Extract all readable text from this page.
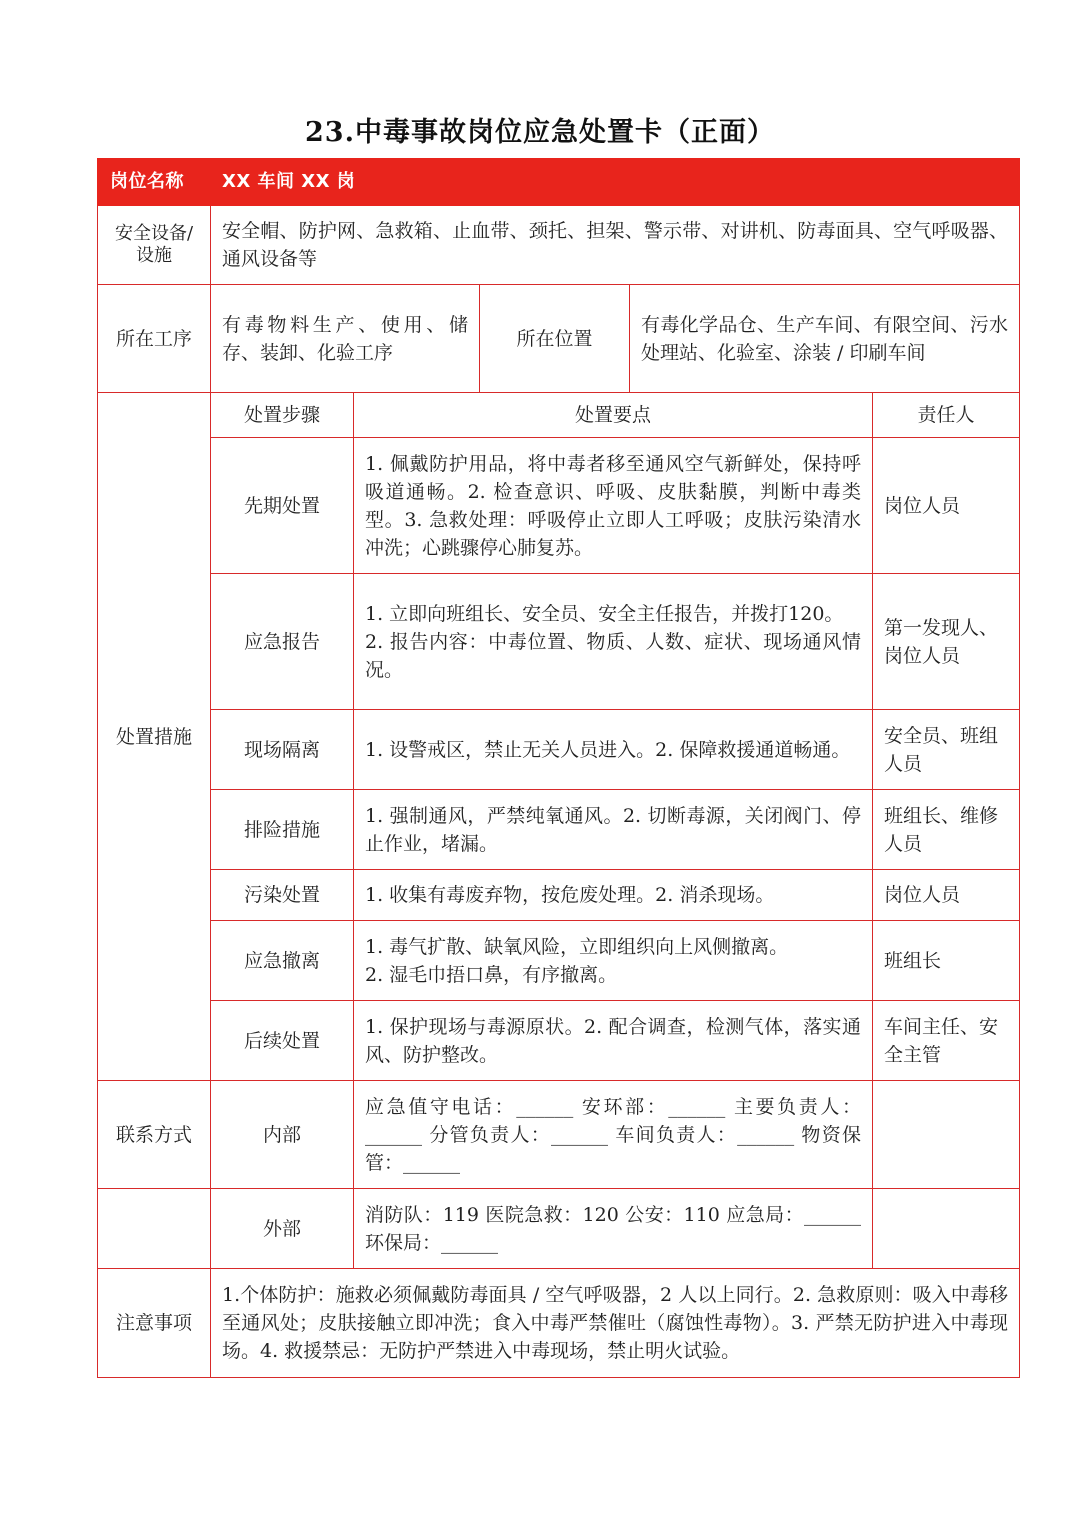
23.中毒事故岗位应急处置卡（正面）
岗位名称	XX 车间 XX 岗				
安全设备/设施	安全帽、防护网、急救箱、止血带、颈托、担架、警示带、对讲机、防毒面具、空气呼吸器、通风设备等				
所在工序	有毒物料生产、使用、储存、装卸、化验工序		所在位置	有毒化学品仓、生产车间、有限空间、污水处理站、化验室、涂装 / 印刷车间	
处置措施	处置步骤	处置要点			责任人
	先期处置	1. 佩戴防护用品，将中毒者移至通风空气新鲜处，保持呼吸道通畅。2. 检查意识、呼吸、皮肤黏膜，判断中毒类型。3. 急救处理：呼吸停止立即人工呼吸；皮肤污染清水冲洗；心跳骤停心肺复苏。			岗位人员
	应急报告	1. 立即向班组长、安全员、安全主任报告，并拨打120。
2. 报告内容：中毒位置、物质、人数、症状、现场通风情况。			第一发现人、岗位人员
	现场隔离	1. 设警戒区，禁止无关人员进入。2. 保障救援通道畅通。			安全员、班组人员
	排险措施	1. 强制通风，严禁纯氧通风。2. 切断毒源，关闭阀门、停止作业，堵漏。			班组长、维修人员
	污染处置	1. 收集有毒废弃物，按危废处理。2. 消杀现场。			岗位人员
	应急撤离	1. 毒气扩散、缺氧风险，立即组织向上风侧撤离。
2. 湿毛巾捂口鼻，有序撤离。			班组长
	后续处置	1. 保护现场与毒源原状。2. 配合调查，检测气体，落实通风、防护整改。			车间主任、安全主管
联系方式	内部	应急值守电话：______ 安环部：______ 主要负责人：______ 分管负责人：______ 车间负责人：______ 物资保管：______			
	外部	消防队：119 医院急救：120 公安：110 应急局：______ 环保局：______			
注意事项	1.个体防护：施救必须佩戴防毒面具 / 空气呼吸器，2 人以上同行。2. 急救原则：吸入中毒移至通风处；皮肤接触立即冲洗；食入中毒严禁催吐（腐蚀性毒物）。3. 严禁无防护进入中毒现场。4. 救援禁忌：无防护严禁进入中毒现场，禁止明火试验。				
